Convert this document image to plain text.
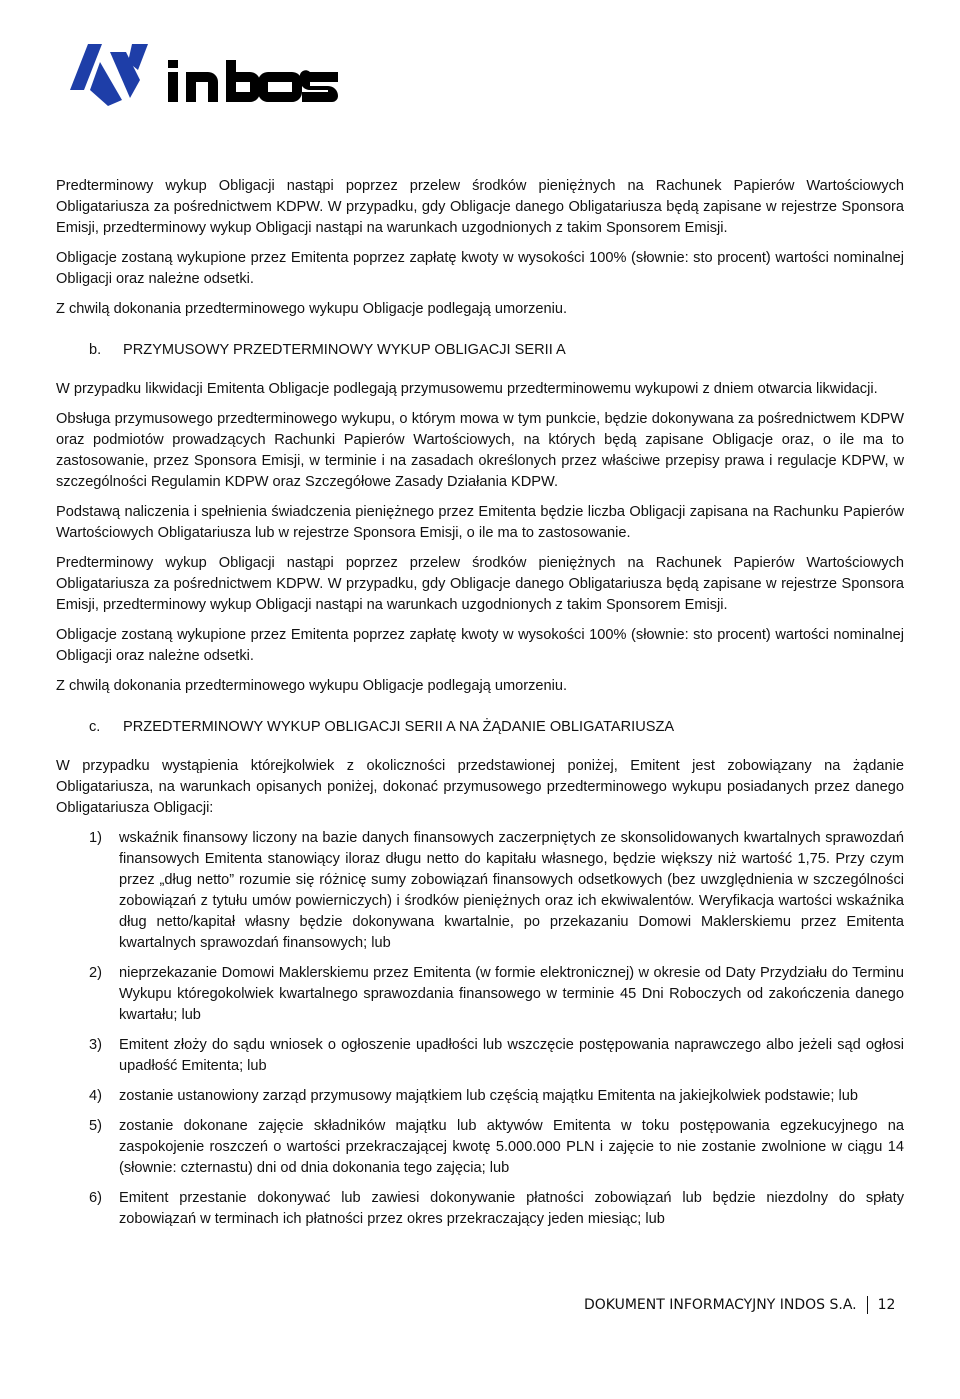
Predterminowy wykup Obligacji nastąpi poprzez przelew środków pieniężnych na Rachunek Papierów Wartościowych Obligatariusza za pośrednictwem KDPW. W przypadku, gdy Obligacje danego Obligatariusza będą zapisane w rejestrze Sponsora Emisji, przedterminowy wykup Obligacji nastąpi na warunkach uzgodnionych z takim Sponsorem Emisji.

Obligacje zostaną wykupione przez Emitenta poprzez zapłatę kwoty w wysokości 100% (słownie: sto procent) wartości nominalnej Obligacji oraz należne odsetki.

Z chwilą dokonania przedterminowego wykupu Obligacje podlegają umorzeniu.

b.	PRZYMUSOWY PRZEDTERMINOWY WYKUP OBLIGACJI SERII A

W przypadku likwidacji Emitenta Obligacje podlegają przymusowemu przedterminowemu wykupowi z dniem otwarcia likwidacji.

Obsługa przymusowego przedterminowego wykupu, o którym mowa w tym punkcie, będzie dokonywana za pośrednictwem KDPW oraz podmiotów prowadzących Rachunki Papierów Wartościowych, na których będą zapisane Obligacje oraz, o ile ma to zastosowanie, przez Sponsora Emisji, w terminie i na zasadach określonych przez właściwe przepisy prawa i regulacje KDPW, w szczególności Regulamin KDPW oraz Szczegółowe Zasady Działania KDPW.

Podstawą naliczenia i spełnienia świadczenia pieniężnego przez Emitenta będzie liczba Obligacji zapisana na Rachunku Papierów Wartościowych Obligatariusza lub w rejestrze Sponsora Emisji, o ile ma to zastosowanie.

Predterminowy wykup Obligacji nastąpi poprzez przelew środków pieniężnych na Rachunek Papierów Wartościowych Obligatariusza za pośrednictwem KDPW. W przypadku, gdy Obligacje danego Obligatariusza będą zapisane w rejestrze Sponsora Emisji, przedterminowy wykup Obligacji nastąpi na warunkach uzgodnionych z takim Sponsorem Emisji.

Obligacje zostaną wykupione przez Emitenta poprzez zapłatę kwoty w wysokości 100% (słownie: sto procent) wartości nominalnej Obligacji oraz należne odsetki.

Z chwilą dokonania przedterminowego wykupu Obligacje podlegają umorzeniu.

c.	PRZEDTERMINOWY WYKUP OBLIGACJI SERII A NA ŻĄDANIE OBLIGATARIUSZA

W przypadku wystąpienia którejkolwiek z okoliczności przedstawionej poniżej, Emitent jest zobowiązany na żądanie Obligatariusza, na warunkach opisanych poniżej, dokonać przymusowego przedterminowego wykupu posiadanych przez danego Obligatariusza Obligacji:

1)	wskaźnik finansowy liczony na bazie danych finansowych zaczerpniętych ze skonsolidowanych kwartalnych sprawozdań finansowych Emitenta stanowiący iloraz długu netto do kapitału własnego, będzie większy niż wartość 1,75. Przy czym przez „dług netto” rozumie się różnicę sumy zobowiązań finansowych odsetkowych (bez uwzględnienia w szczególności zobowiązań z tytułu umów powierniczych) i środków pieniężnych oraz ich ekwiwalentów. Weryfikacja wartości wskaźnika dług netto/kapitał własny będzie dokonywana kwartalnie, po przekazaniu Domowi Maklerskiemu przez Emitenta kwartalnych sprawozdań finansowych; lub
2)	nieprzekazanie Domowi Maklerskiemu przez Emitenta (w formie elektronicznej) w okresie od Daty Przydziału do Terminu Wykupu któregokolwiek kwartalnego sprawozdania finansowego w terminie 45 Dni Roboczych od zakończenia danego kwartału; lub
3)	Emitent złoży do sądu wniosek o ogłoszenie upadłości lub wszczęcie postępowania naprawczego albo jeżeli sąd ogłosi upadłość Emitenta; lub
4)	zostanie ustanowiony zarząd przymusowy majątkiem lub częścią majątku Emitenta na jakiejkolwiek podstawie; lub
5)	zostanie dokonane zajęcie składników majątku lub aktywów Emitenta w toku postępowania egzekucyjnego na zaspokojenie roszczeń o wartości przekraczającej kwotę 5.000.000 PLN i zajęcie to nie zostanie zwolnione w ciągu 14 (słownie: czternastu) dni od dnia dokonania tego zajęcia; lub
6)	Emitent przestanie dokonywać lub zawiesi dokonywanie płatności zobowiązań lub będzie niezdolny do spłaty zobowiązań w terminach ich płatności przez okres przekraczający jeden miesiąc; lub
DOKUMENT INFORMACYJNY INDOS S.A. 12
